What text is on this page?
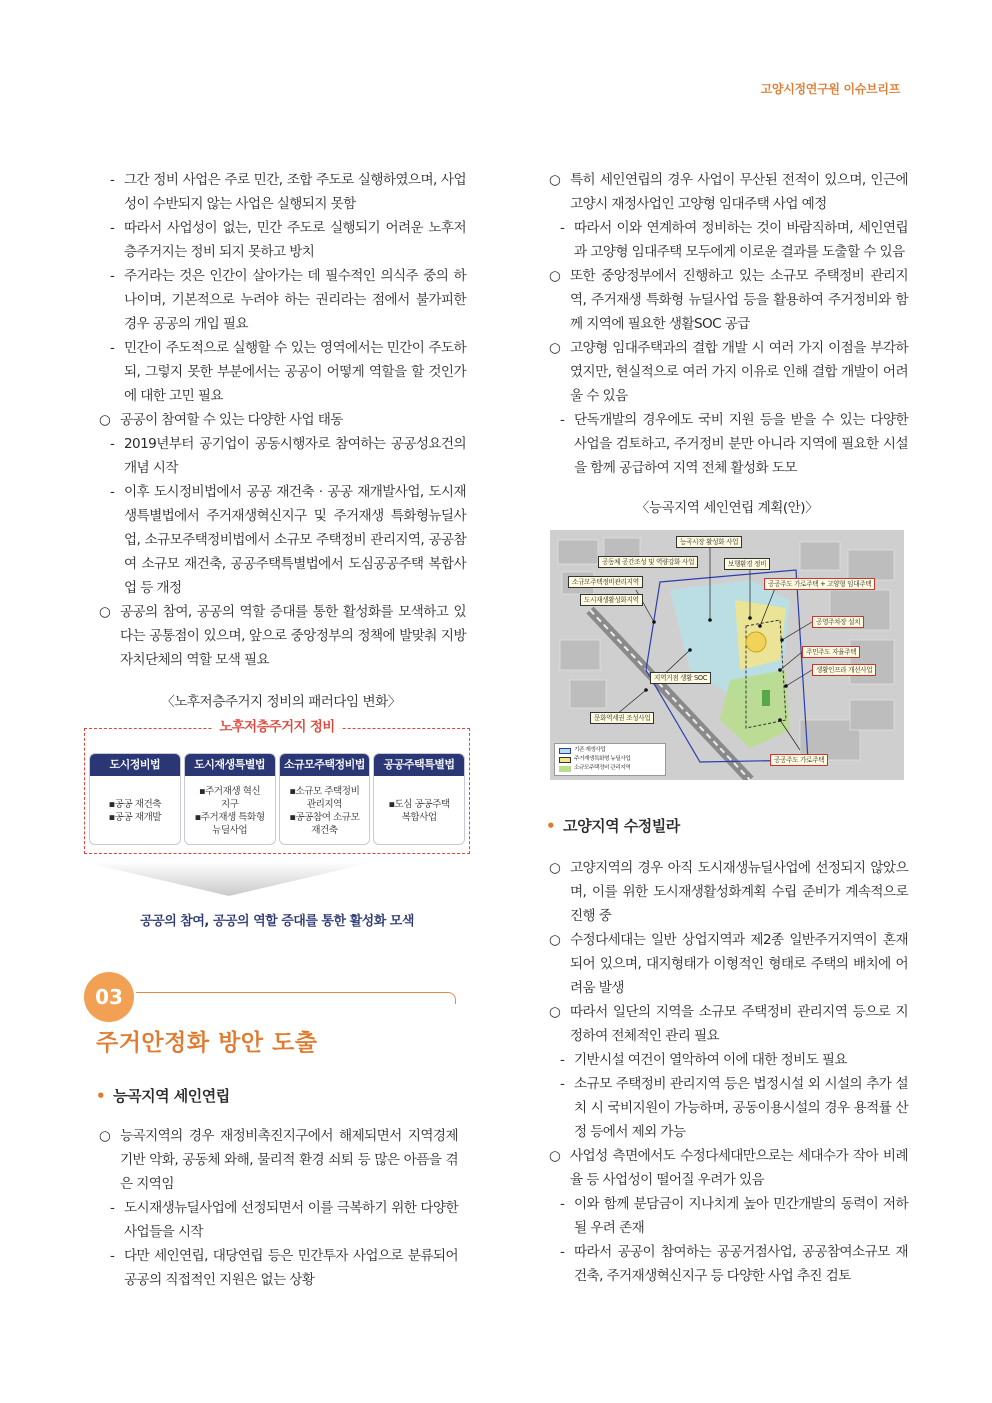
고양시정연구원 이슈브리프
- 그간 정비 사업은 주로 민간, 조합 주도로 실행하였으며, 사업성이 수반되지 않는 사업은 실행되지 못함
- 따라서 사업성이 없는, 민간 주도로 실행되기 어려운 노후저층주거지는 정비 되지 못하고 방치
- 주거라는 것은 인간이 살아가는 데 필수적인 의식주 중의 하나이며, 기본적으로 누려야 하는 권리라는 점에서 불가피한 경우 공공의 개입 필요
- 민간이 주도적으로 실행할 수 있는 영역에서는 민간이 주도하되, 그렇지 못한 부분에서는 공공이 어떻게 역할을 할 것인가에 대한 고민 필요
○ 공공이 참여할 수 있는 다양한 사업 태동
- 2019년부터 공기업이 공동시행자로 참여하는 공공성요건의 개념 시작
- 이후 도시정비법에서 공공 재건축 · 공공 재개발사업, 도시재생특별법에서 주거재생혁신지구 및 주거재생 특화형뉴딜사업, 소규모주택정비법에서 소규모 주택정비 관리지역, 공공참여 소규모 재건축, 공공주택특별법에서 도심공공주택 복합사업 등 개정
○ 공공의 참여, 공공의 역할 증대를 통한 활성화를 모색하고 있다는 공통점이 있으며, 앞으로 중앙정부의 정책에 발맞춰 지방자치단체의 역할 모색 필요
〈노후저층주거지 정비의 패러다임 변화〉
노후저층주거지 정비
도시정비법
▪공공 재건축
▪공공 재개발
도시재생특별법
▪주거재생 혁신
지구
▪주거재생 특화형
뉴딜사업
소규모주택정비법
▪소규모 주택정비
관리지역
▪공공참여 소규모
재건축
공공주택특별법
▪도심 공공주택
복합사업
공공의 참여, 공공의 역할 증대를 통한 활성화 모색
03
주거안정화 방안 도출
• 능곡지역 세인연립
○ 능곡지역의 경우 재정비촉진지구에서 해제되면서 지역경제 기반 악화, 공동체 와해, 물리적 환경 쇠퇴 등 많은 아픔을 겪은 지역임
- 도시재생뉴딜사업에 선정되면서 이를 극복하기 위한 다양한 사업들을 시작
- 다만 세인연립, 대당연립 등은 민간투자 사업으로 분류되어 공공의 직접적인 지원은 없는 상황
○ 특히 세인연립의 경우 사업이 무산된 전적이 있으며, 인근에 고양시 재정사업인 고양형 임대주택 사업 예정
- 따라서 이와 연계하여 정비하는 것이 바람직하며, 세인연립과 고양형 임대주택 모두에게 이로운 결과를 도출할 수 있음
○ 또한 중앙정부에서 진행하고 있는 소규모 주택정비 관리지역, 주거재생 특화형 뉴딜사업 등을 활용하여 주거정비와 함께 지역에 필요한 생활SOC 공급
○ 고양형 임대주택과의 결합 개발 시 여러 가지 이점을 부각하였지만, 현실적으로 여러 가지 이유로 인해 결합 개발이 어려울 수 있음
- 단독개발의 경우에도 국비 지원 등을 받을 수 있는 다양한 사업을 검토하고, 주거정비 분만 아니라 지역에 필요한 시설을 함께 공급하여 지역 전체 활성화 도모
〈능곡지역 세인연립 계획(안)〉
능곡시장 활성화 사업
공동체 공간조성 및 역량강화 사업	보행환경 정비
소규모주택정비관리지역
도시재생활성화지역
공공주도 가로주택 + 고양형 임대주택
공영주차장 설치
주민주도 자율주택
생활인프라 개선사업
지역거점 생활 SOC
문화역세권 조성사업
공공주도 가로주택
기존 재생사업
주거재생특화형 뉴딜사업
소규모주택정비 관리지역
• 고양지역 수정빌라
○ 고양지역의 경우 아직 도시재생뉴딜사업에 선정되지 않았으며, 이를 위한 도시재생활성화계획 수립 준비가 계속적으로 진행 중
○ 수정다세대는 일반 상업지역과 제2종 일반주거지역이 혼재되어 있으며, 대지형태가 이형적인 형태로 주택의 배치에 어려움 발생
○ 따라서 일단의 지역을 소규모 주택정비 관리지역 등으로 지정하여 전체적인 관리 필요
- 기반시설 여건이 열악하여 이에 대한 정비도 필요
- 소규모 주택정비 관리지역 등은 법정시설 외 시설의 추가 설치 시 국비지원이 가능하며, 공동이용시설의 경우 용적률 산정 등에서 제외 가능
○ 사업성 측면에서도 수정다세대만으로는 세대수가 작아 비례율 등 사업성이 떨어질 우려가 있음
- 이와 함께 분담금이 지나치게 높아 민간개발의 동력이 저하될 우려 존재
- 따라서 공공이 참여하는 공공거점사업, 공공참여소규모 재건축, 주거재생혁신지구 등 다양한 사업 추진 검토
